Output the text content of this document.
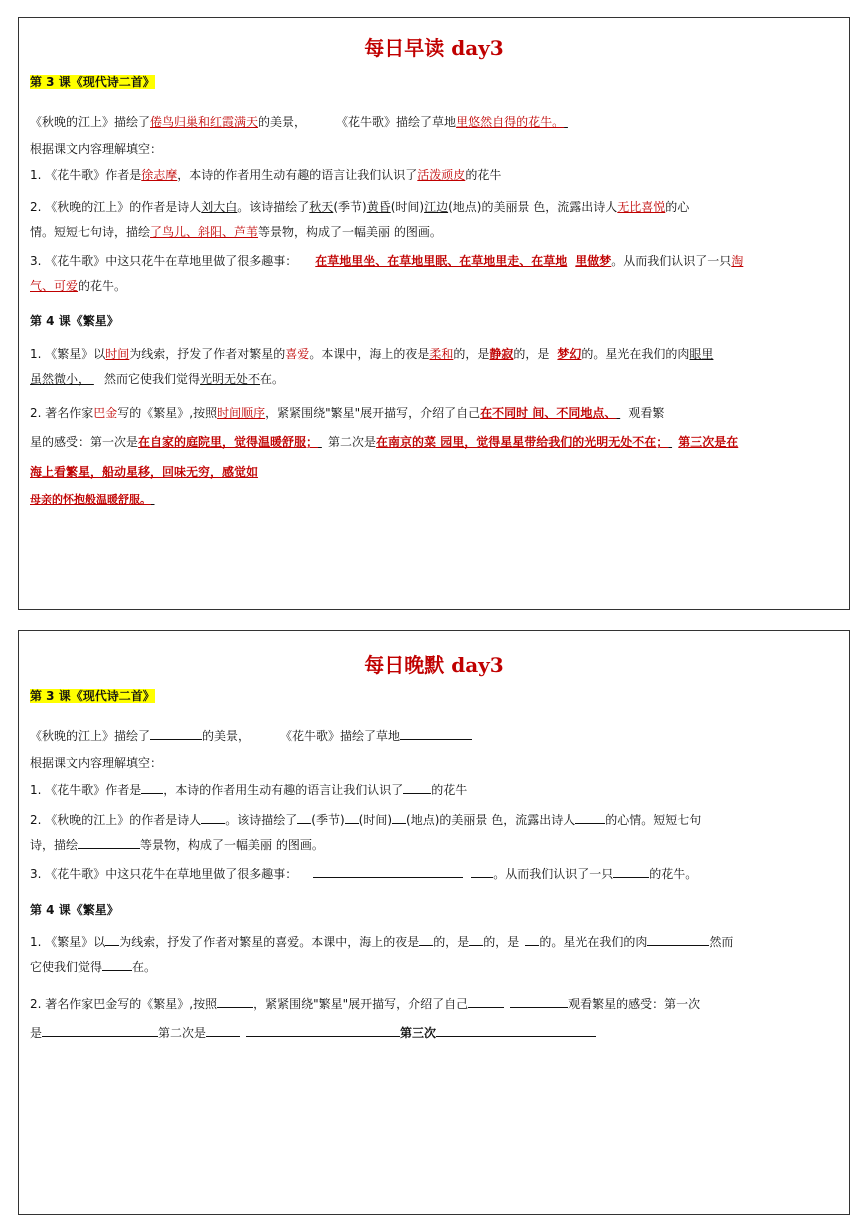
每日早读 day3
第 3 课《现代诗二首》
《秋晚的江上》描绘了倦鸟归巢和红霞满天的美景，	《花牛歌》描绘了草地里悠然自得的花牛。
根据课文内容理解填空：
1. 《花牛歌》作者是徐志摩，本诗的作者用生动有趣的语言让我们认识了活泼顽皮的花牛
2. 《秋晚的江上》的作者是诗人刘大白。该诗描绘了秋天(季节)黄昏(时间)江边(地点)的美丽景 色，流露出诗人无比喜悦的心
情。短短七句诗，描绘了鸟儿、斜阳、芦苇等景物，构成了一幅美丽 的图画。
3. 《花牛歌》中这只花牛在草地里做了很多趣事： 在草地里坐、在草地里眠、在草地里走、在草地 里做梦。从而我们认识了一只淘
气、可爱的花牛。
第 4 课《繁星》
1. 《繁星》以时间为线索，抒发了作者对繁星的喜爱。本课中，海上的夜是柔和的，是静寂的，是 梦幻的。星光在我们的肉眼里
虽然微小， 然而它使我们觉得光明无处不在。
2. 著名作家巴金写的《繁星》,按照时间顺序，紧紧围绕"繁星"展开描写，介绍了自己在不同时 间、不同地点、 观看繁
星的感受：第一次是在自家的庭院里，觉得温暖舒服； 第二次是在南京的菜 园里，觉得星星带给我们的光明无处不在； 第三次是在
海上看繁星，船动星移，回味无穷，感觉如
母亲的怀抱般温暖舒服。
每日晚默 day3
第 3 课《现代诗二首》
《秋晚的江上》描绘了	的美景，	《花牛歌》描绘了草地
根据课文内容理解填空：
1. 《花牛歌》作者是 ，本诗的作者用生动有趣的语言让我们认识了 的花牛
2. 《秋晚的江上》的作者是诗人 。该诗描绘了 (季节) (时间) (地点)的美丽景 色，流露出诗人	的心情。短短七句
诗，描绘	等景物，构成了一幅美丽 的图画。
3. 《花牛歌》中这只花牛在草地里做了很多趣事：	。从而我们认识了一只	的花牛。
第 4 课《繁星》
1. 《繁星》以 为线索，抒发了作者对繁星的喜爱。本课中，海上的夜是 的，是 的，是 的。星光在我们的肉	然而
它使我们觉得	在。
2. 著名作家巴金写的《繁星》,按照	，紧紧围绕"繁星"展开描写，介绍了自己	观看繁星的感受：第一次
是	第二次是	第三次
